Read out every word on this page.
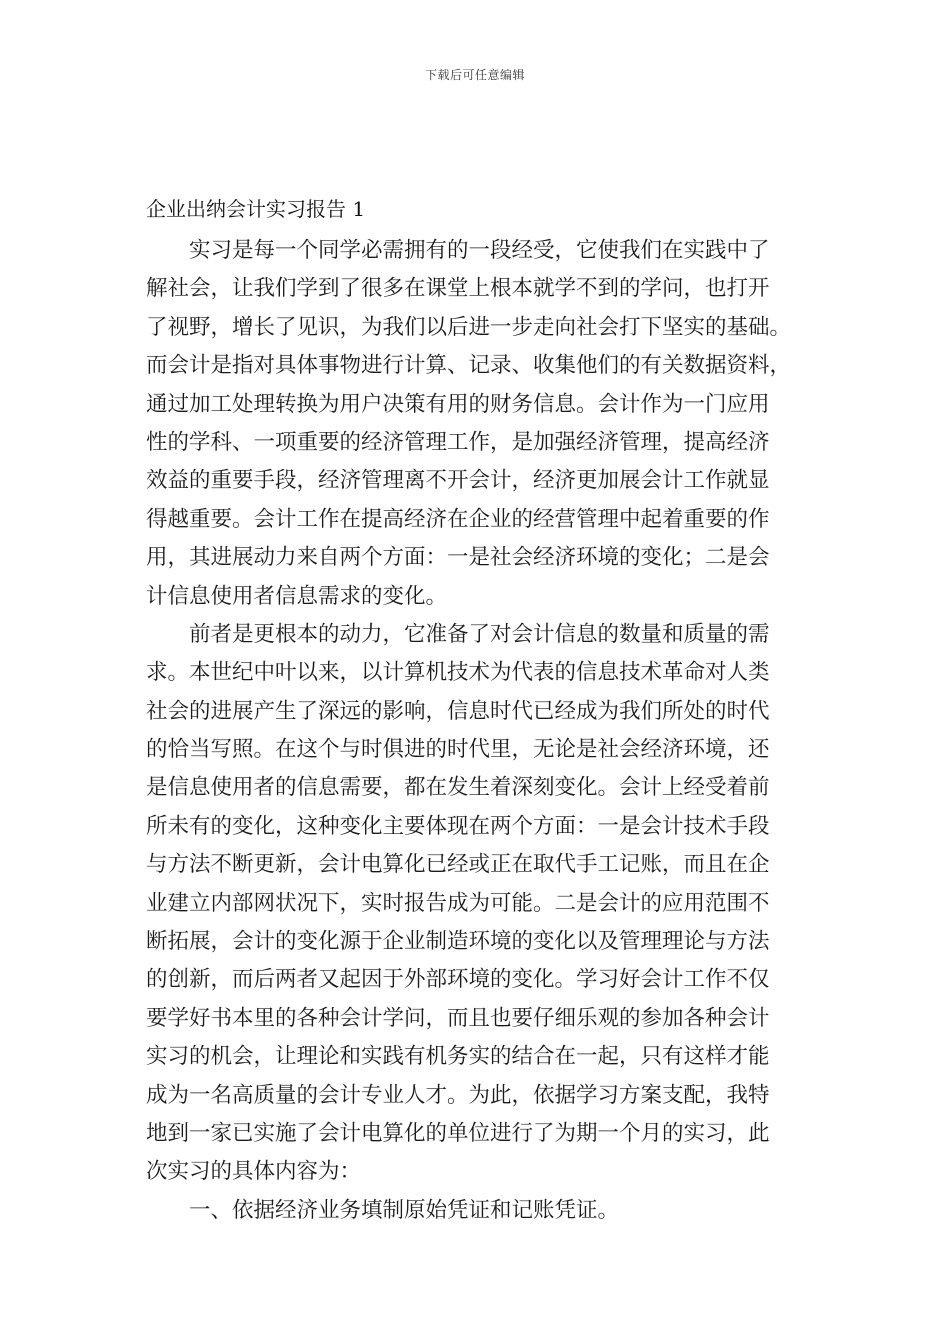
下载后可任意编辑
企业出纳会计实习报告 1
实习是每一个同学必需拥有的一段经受，它使我们在实践中了
解社会，让我们学到了很多在课堂上根本就学不到的学问，也打开
了视野，增长了见识，为我们以后进一步走向社会打下坚实的基础。
而会计是指对具体事物进行计算、记录、收集他们的有关数据资料，
通过加工处理转换为用户决策有用的财务信息。会计作为一门应用
性的学科、一项重要的经济管理工作，是加强经济管理，提高经济
效益的重要手段，经济管理离不开会计，经济更加展会计工作就显
得越重要。会计工作在提高经济在企业的经营管理中起着重要的作
用，其进展动力来自两个方面：一是社会经济环境的变化；二是会
计信息使用者信息需求的变化。
前者是更根本的动力，它准备了对会计信息的数量和质量的需
求。本世纪中叶以来，以计算机技术为代表的信息技术革命对人类
社会的进展产生了深远的影响，信息时代已经成为我们所处的时代
的恰当写照。在这个与时俱进的时代里，无论是社会经济环境，还
是信息使用者的信息需要，都在发生着深刻变化。会计上经受着前
所未有的变化，这种变化主要体现在两个方面：一是会计技术手段
与方法不断更新，会计电算化已经或正在取代手工记账，而且在企
业建立内部网状况下，实时报告成为可能。二是会计的应用范围不
断拓展，会计的变化源于企业制造环境的变化以及管理理论与方法
的创新，而后两者又起因于外部环境的变化。学习好会计工作不仅
要学好书本里的各种会计学问，而且也要仔细乐观的参加各种会计
实习的机会，让理论和实践有机务实的结合在一起，只有这样才能
成为一名高质量的会计专业人才。为此，依据学习方案支配，我特
地到一家已实施了会计电算化的单位进行了为期一个月的实习，此
次实习的具体内容为：
一、依据经济业务填制原始凭证和记账凭证。
